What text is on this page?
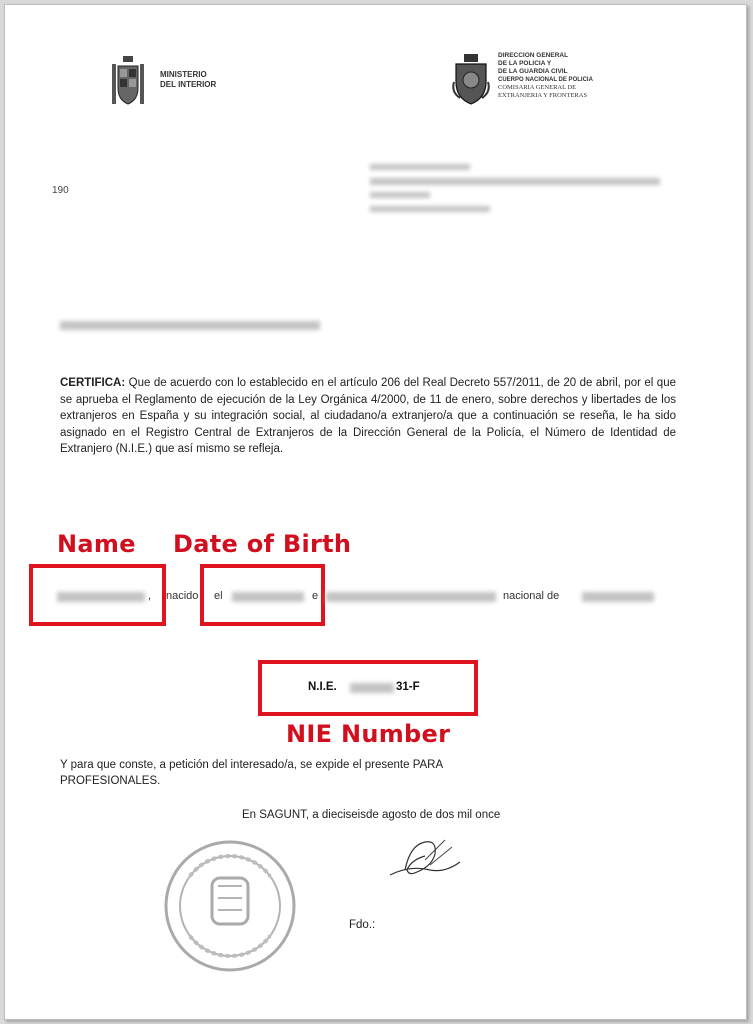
MINISTERIO
DEL INTERIOR
DIRECCION GENERAL
DE LA POLICIA Y
DE LA GUARDIA CIVIL
CUERPO NACIONAL DE POLICIA
COMISARIA GENERAL DE
EXTRANJERIA Y FRONTERAS
190
CERTIFICA: Que de acuerdo con lo establecido en el artículo 206 del Real Decreto 557/2011, de 20 de abril, por el que se aprueba el Reglamento de ejecución de la Ley Orgánica 4/2000, de 11 de enero, sobre derechos y libertades de los extranjeros en España y su integración social, al ciudadano/a extranjero/a que a continuación se reseña, le ha sido asignado en el Registro Central de Extranjeros de la Dirección General de la Policía, el Número de Identidad de Extranjero (N.I.E.) que así mismo se refleja.
Name Date of Birth
, nacido el	e	nacional de
N.I.E.	31-F
NIE Number
Y para que conste, a petición del interesado/a, se expide el presente PARA
PROFESIONALES.
En SAGUNT, a dieciseisde agosto de dos mil once
Fdo.:
